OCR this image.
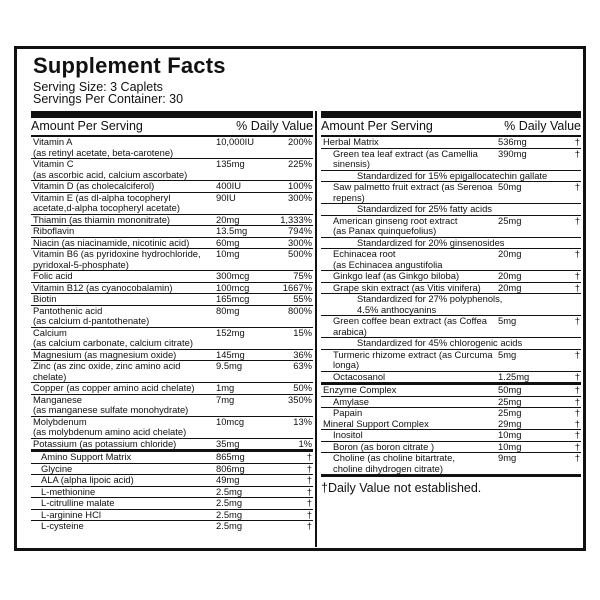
Supplement Facts
Serving Size: 3 Caplets
Servings Per Container: 30
Amount Per Serving	% Daily Value
Vitamin A
(as retinyl acetate, beta-carotene)
10,000IU	200%
Vitamin C
(as ascorbic acid, calcium ascorbate)
135mg	225%
Vitamin D (as cholecalciferol)	400IU	100%
Vitamin E (as dl-alpha tocopheryl
acetate,d-alpha tocopheryl acetate)
90IU	300%
Thiamin (as thiamin mononitrate)	20mg	1,333%
Riboflavin	13.5mg	794%
Niacin (as niacinamide, nicotinic acid)	60mg	300%
Vitamin B6 (as pyridoxine hydrochloride,
pyridoxal-5-phosphate)
10mg	500%
Folic acid	300mcg	75%
Vitamin B12 (as cyanocobalamin)	100mcg	1667%
Biotin	165mcg	55%
Pantothenic acid
(as calcium d-pantothenate)
80mg	800%
Calcium
(as calcium carbonate, calcium citrate)
152mg	15%
Magnesium (as magnesium oxide)	145mg	36%
Zinc (as zinc oxide, zinc amino acid chelate)
9.5mg	63%
Copper (as copper amino acid chelate)	1mg	50%
Manganese
(as manganese sulfate monohydrate)
7mg	350%
Molybdenum
(as molybdenum amino acid chelate)
10mcg	13%
Potassium (as potassium chloride)	35mg	1%
Amino Support Matrix	865mg	†
Glycine	806mg	†
ALA (alpha lipoic acid)	49mg	†
L-methionine	2.5mg	†
L-citrulline malate	2.5mg	†
L-arginine HCl	2.5mg	†
L-cysteine	2.5mg	†
Amount Per Serving	% Daily Value
Herbal Matrix	536mg	†
Green tea leaf extract (as Camellia sinensis)
390mg	†
Standardized for 15% epigallocatechin gallate
Saw palmetto fruit extract (as Serenoa repens)
50mg	†
Standardized for 25% fatty acids
American ginseng root extract
(as Panax quinquefolius)
25mg	†
Standardized for 20% ginsenosides
Echinacea root
(as Echinacea angustifolia
20mg	†
Ginkgo leaf (as Ginkgo biloba)	20mg	†
Grape skin extract (as Vitis vinifera)	20mg	†
Standardized for 27% polyphenols,
4.5% anthocyanins
Green coffee bean extract (as Coffea arabica)
5mg	†
Standardized for 45% chlorogenic acids
Turmeric rhizome extract (as Curcuma longa)
5mg	†
Octacosanol	1.25mg	†
Enzyme Complex	50mg	†
Amylase	25mg	†
Papain	25mg	†
Mineral Support Complex	29mg	†
Inositol	10mg	†
Boron (as boron citrate )	10mg	†
Choline (as choline bitartrate,
choline dihydrogen citrate)
9mg	†
†Daily Value not established.
